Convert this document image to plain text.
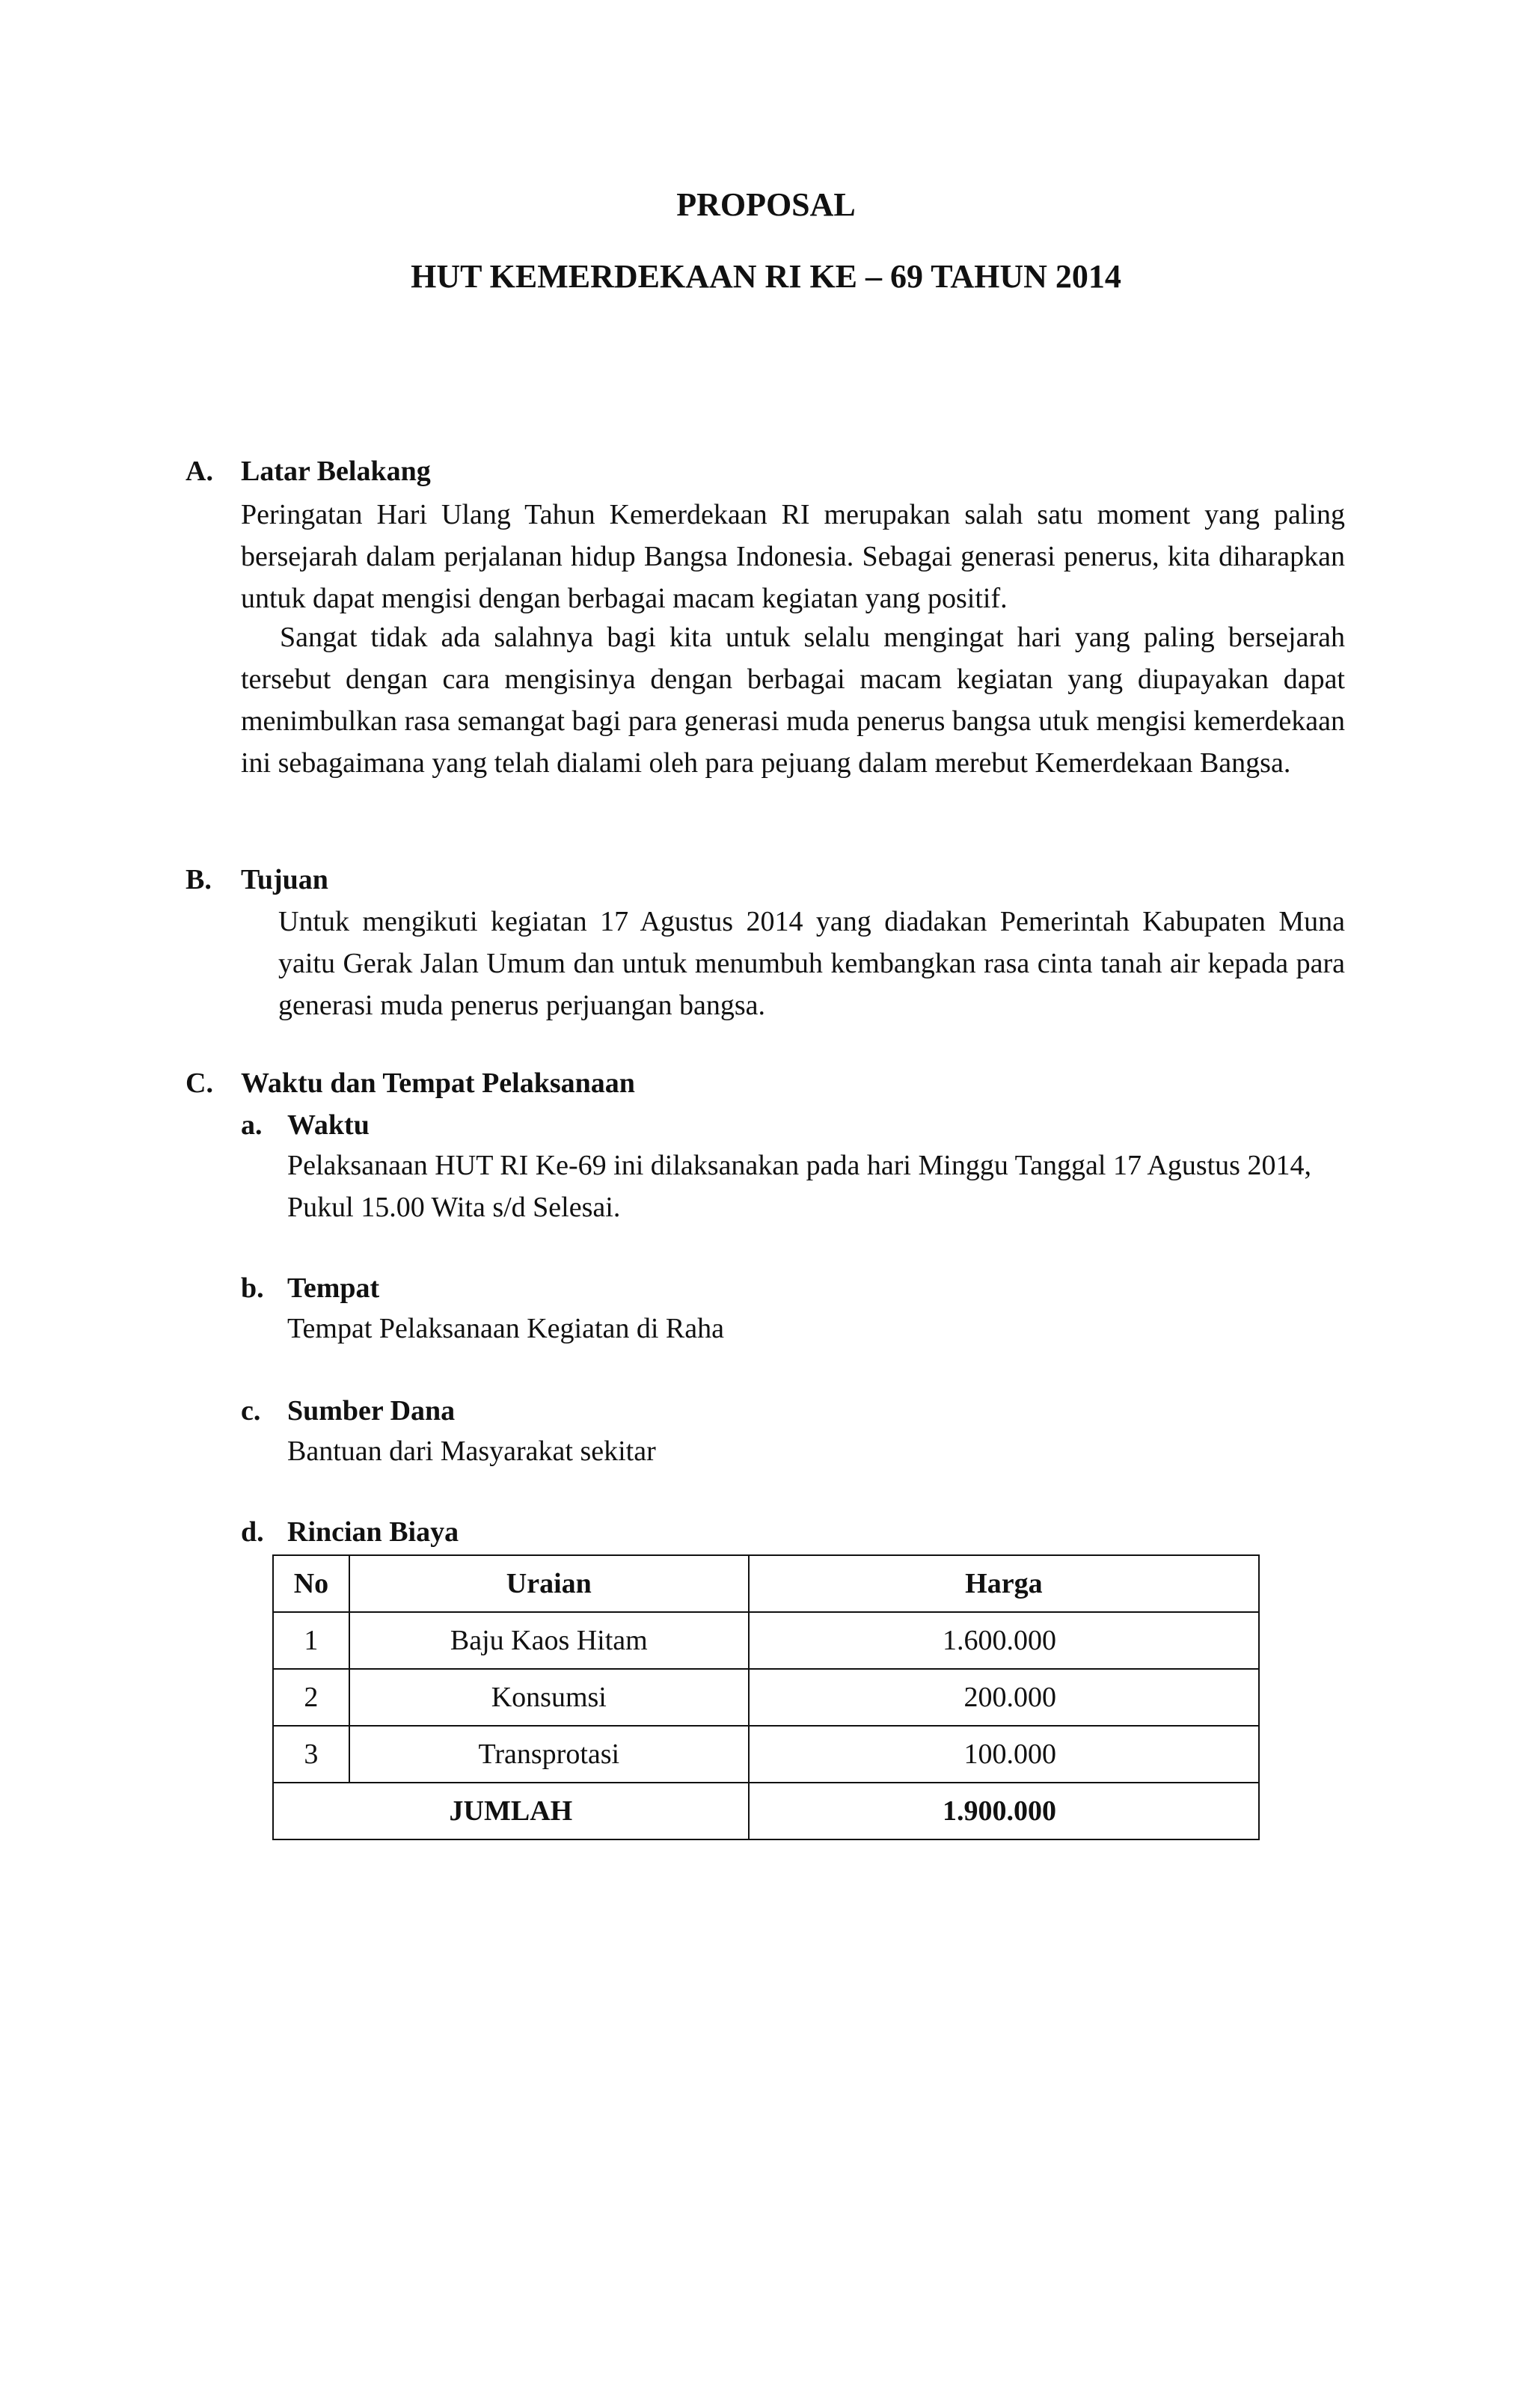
PROPOSAL
HUT KEMERDEKAAN RI KE – 69 TAHUN 2014
A. Latar Belakang
Peringatan Hari Ulang Tahun Kemerdekaan RI merupakan salah satu moment yang paling bersejarah dalam perjalanan hidup Bangsa Indonesia. Sebagai generasi penerus, kita diharapkan untuk dapat mengisi dengan berbagai macam kegiatan yang positif.
Sangat tidak ada salahnya bagi kita untuk selalu mengingat hari yang paling bersejarah tersebut dengan cara mengisinya dengan berbagai macam kegiatan yang diupayakan dapat menimbulkan rasa semangat bagi para generasi muda penerus bangsa utuk mengisi kemerdekaan ini sebagaimana yang telah dialami oleh para pejuang dalam merebut Kemerdekaan Bangsa.
B. Tujuan
Untuk mengikuti kegiatan 17 Agustus 2014 yang diadakan Pemerintah Kabupaten Muna yaitu Gerak Jalan Umum dan untuk menumbuh kembangkan rasa cinta tanah air kepada para generasi muda penerus perjuangan bangsa.
C. Waktu dan Tempat Pelaksanaan
a. Waktu
Pelaksanaan HUT RI Ke-69 ini dilaksanakan pada hari Minggu Tanggal 17 Agustus 2014, Pukul 15.00 Wita s/d Selesai.
b. Tempat
Tempat Pelaksanaan Kegiatan di Raha
c. Sumber Dana
Bantuan dari Masyarakat sekitar
d. Rincian Biaya
No	Uraian	Harga
1	Baju Kaos Hitam	1.600.000
2	Konsumsi	200.000
3	Transprotasi	100.000
JUMLAH		1.900.000
